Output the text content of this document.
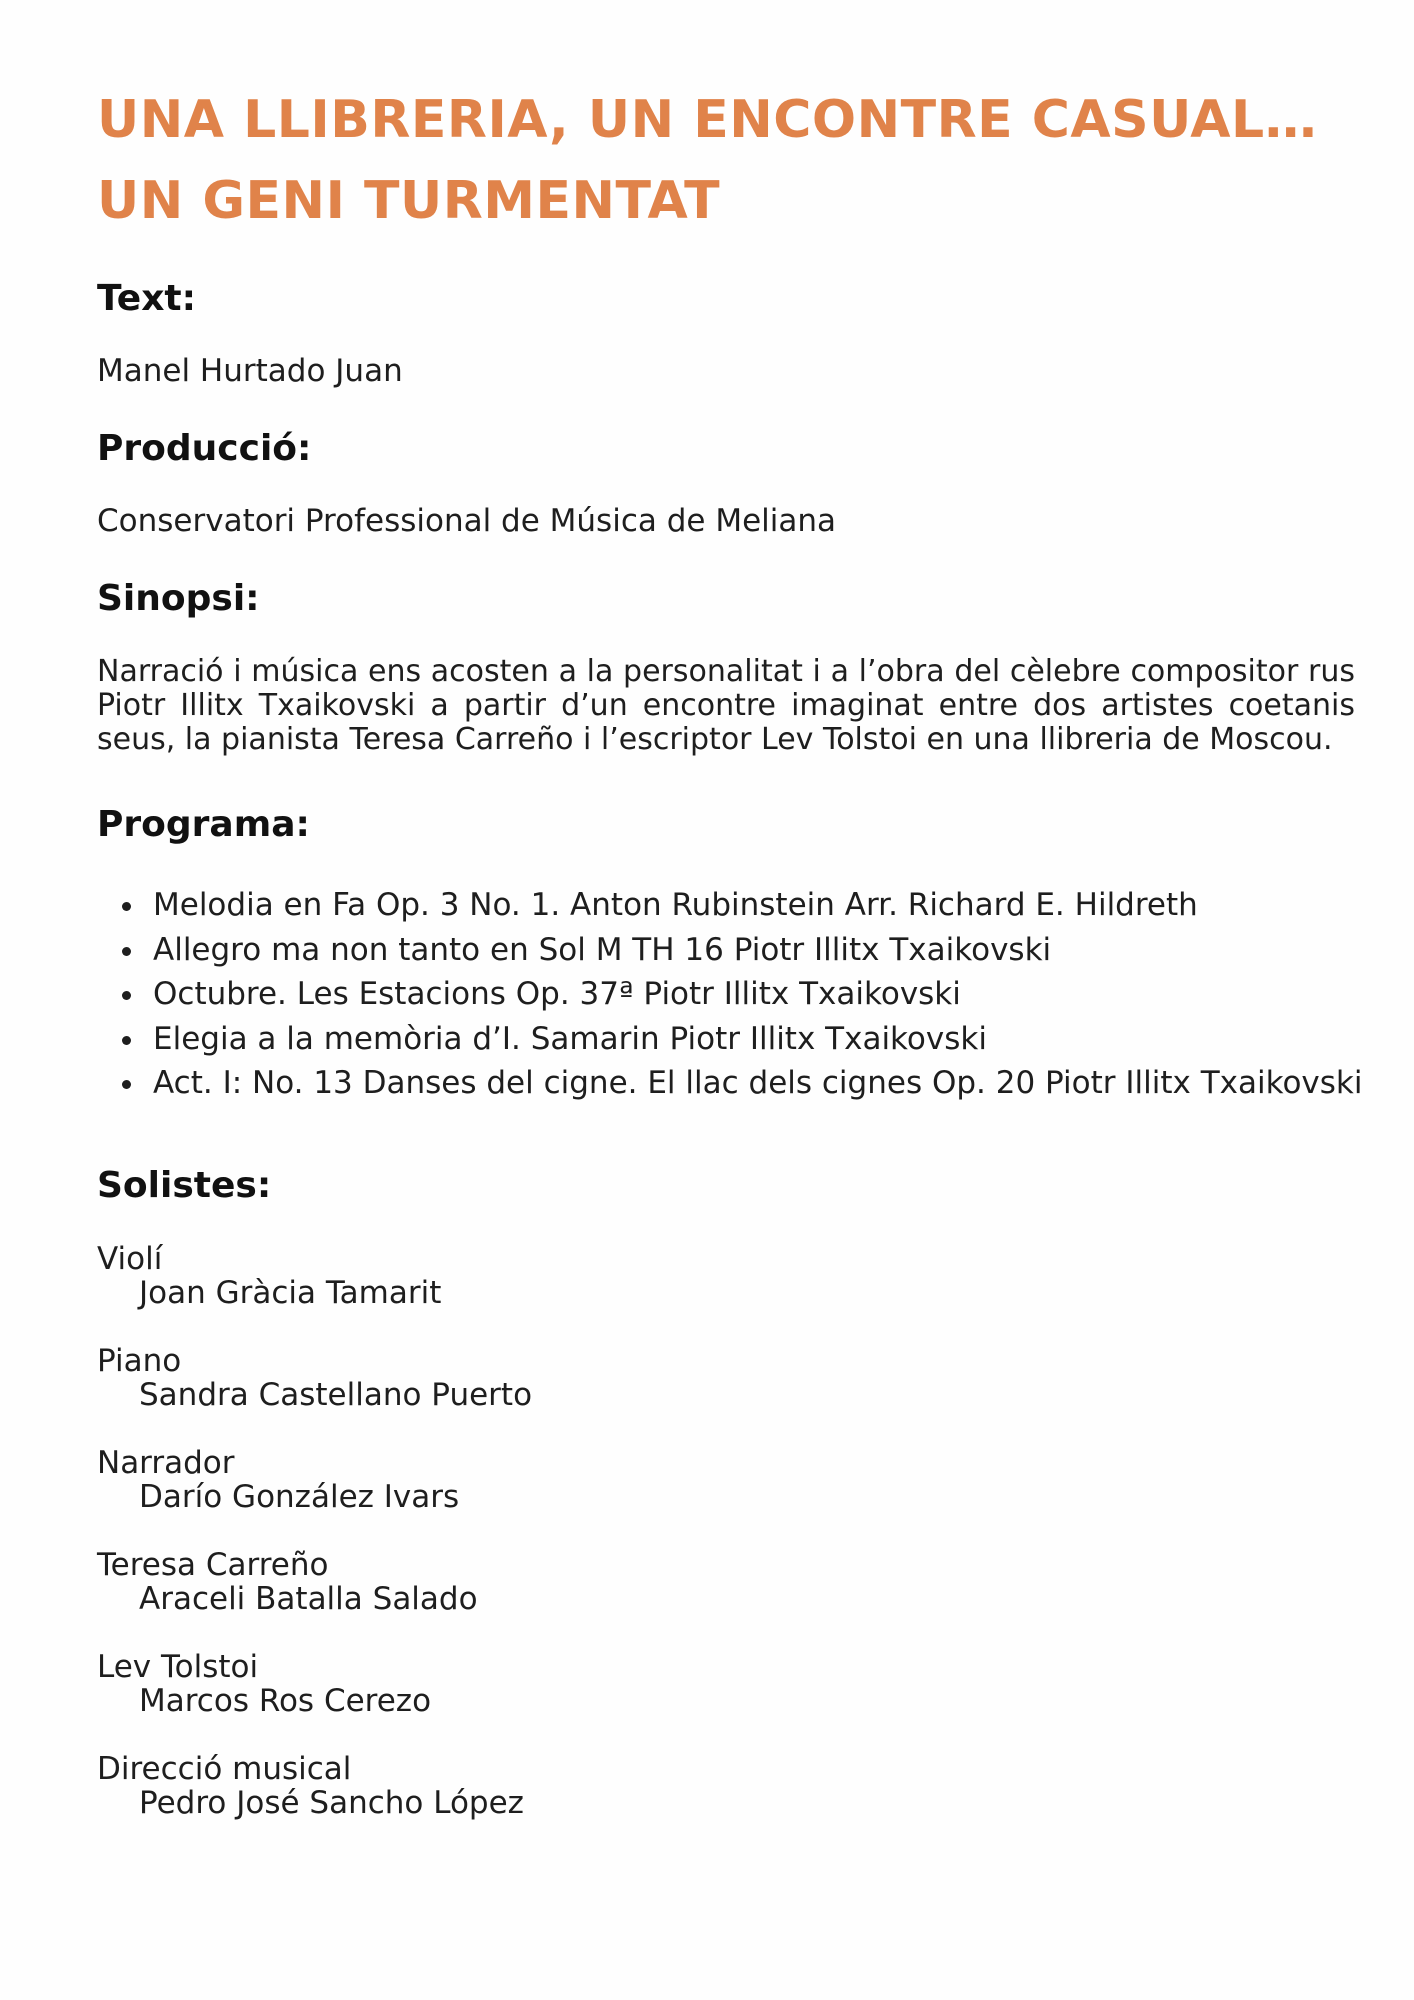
UNA LLIBRERIA, UN ENCONTRE CASUAL…
UN GENI TURMENTAT
Text:

Manel Hurtado Juan

Producció:

Conservatori Professional de Música de Meliana

Sinopsi:

Narració i música ens acosten a la personalitat i a l’obra del cèlebre compositor rus Piotr Illitx Txaikovski a partir d’un encontre imaginat entre dos artistes coetanis seus, la pianista Teresa Carreño i l’escriptor Lev Tolstoi en una llibreria de Moscou.

Programa:
Melodia en Fa Op. 3 No. 1. Anton Rubinstein Arr. Richard E. Hildreth
Allegro ma non tanto en Sol M TH 16 Piotr Illitx Txaikovski
Octubre. Les Estacions Op. 37ª Piotr Illitx Txaikovski
Elegia a la memòria d’I. Samarin Piotr Illitx Txaikovski
Act. I: No. 13 Danses del cigne. El llac dels cignes Op. 20 Piotr Illitx Txaikovski
Solistes:
Violí
Joan Gràcia Tamarit
Piano
Sandra Castellano Puerto
Narrador
Darío González Ivars
Teresa Carreño
Araceli Batalla Salado
Lev Tolstoi
Marcos Ros Cerezo
Direcció musical
Pedro José Sancho López
